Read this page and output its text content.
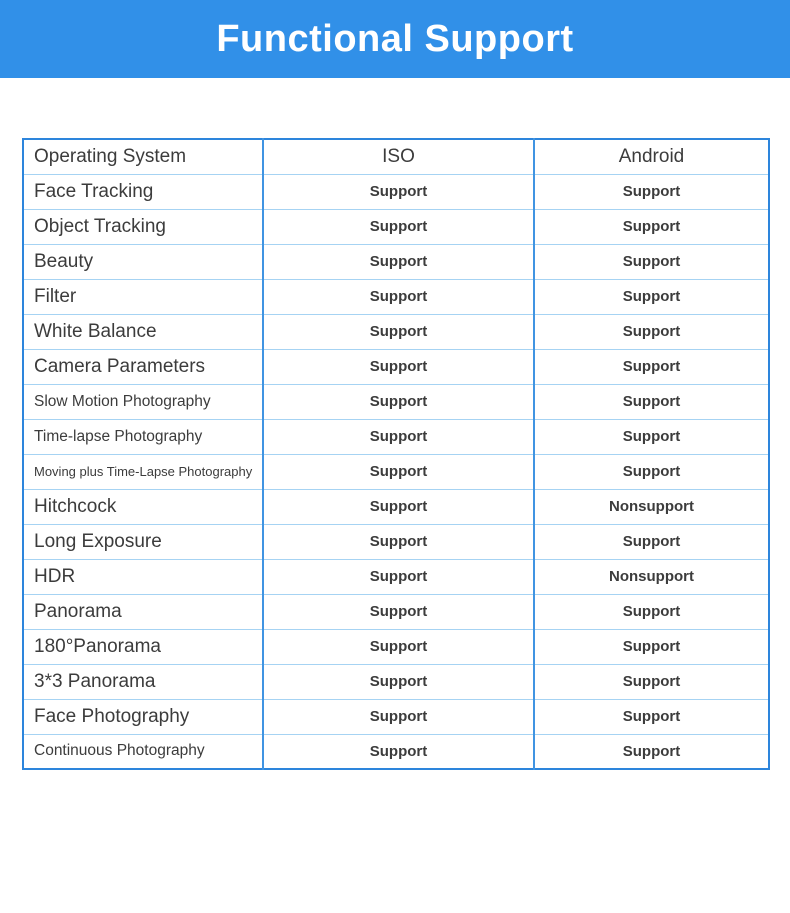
Functional Support
Operating System	ISO	Android
Face Tracking	Support	Support
Object Tracking	Support	Support
Beauty	Support	Support
Filter	Support	Support
White Balance	Support	Support
Camera Parameters	Support	Support
Slow Motion Photography	Support	Support
Time-lapse Photography	Support	Support
Moving plus Time-Lapse Photography	Support	Support
Hitchcock	Support	Nonsupport
Long Exposure	Support	Support
HDR	Support	Nonsupport
Panorama	Support	Support
180°Panorama	Support	Support
3*3 Panorama	Support	Support
Face Photography	Support	Support
Continuous Photography	Support	Support
